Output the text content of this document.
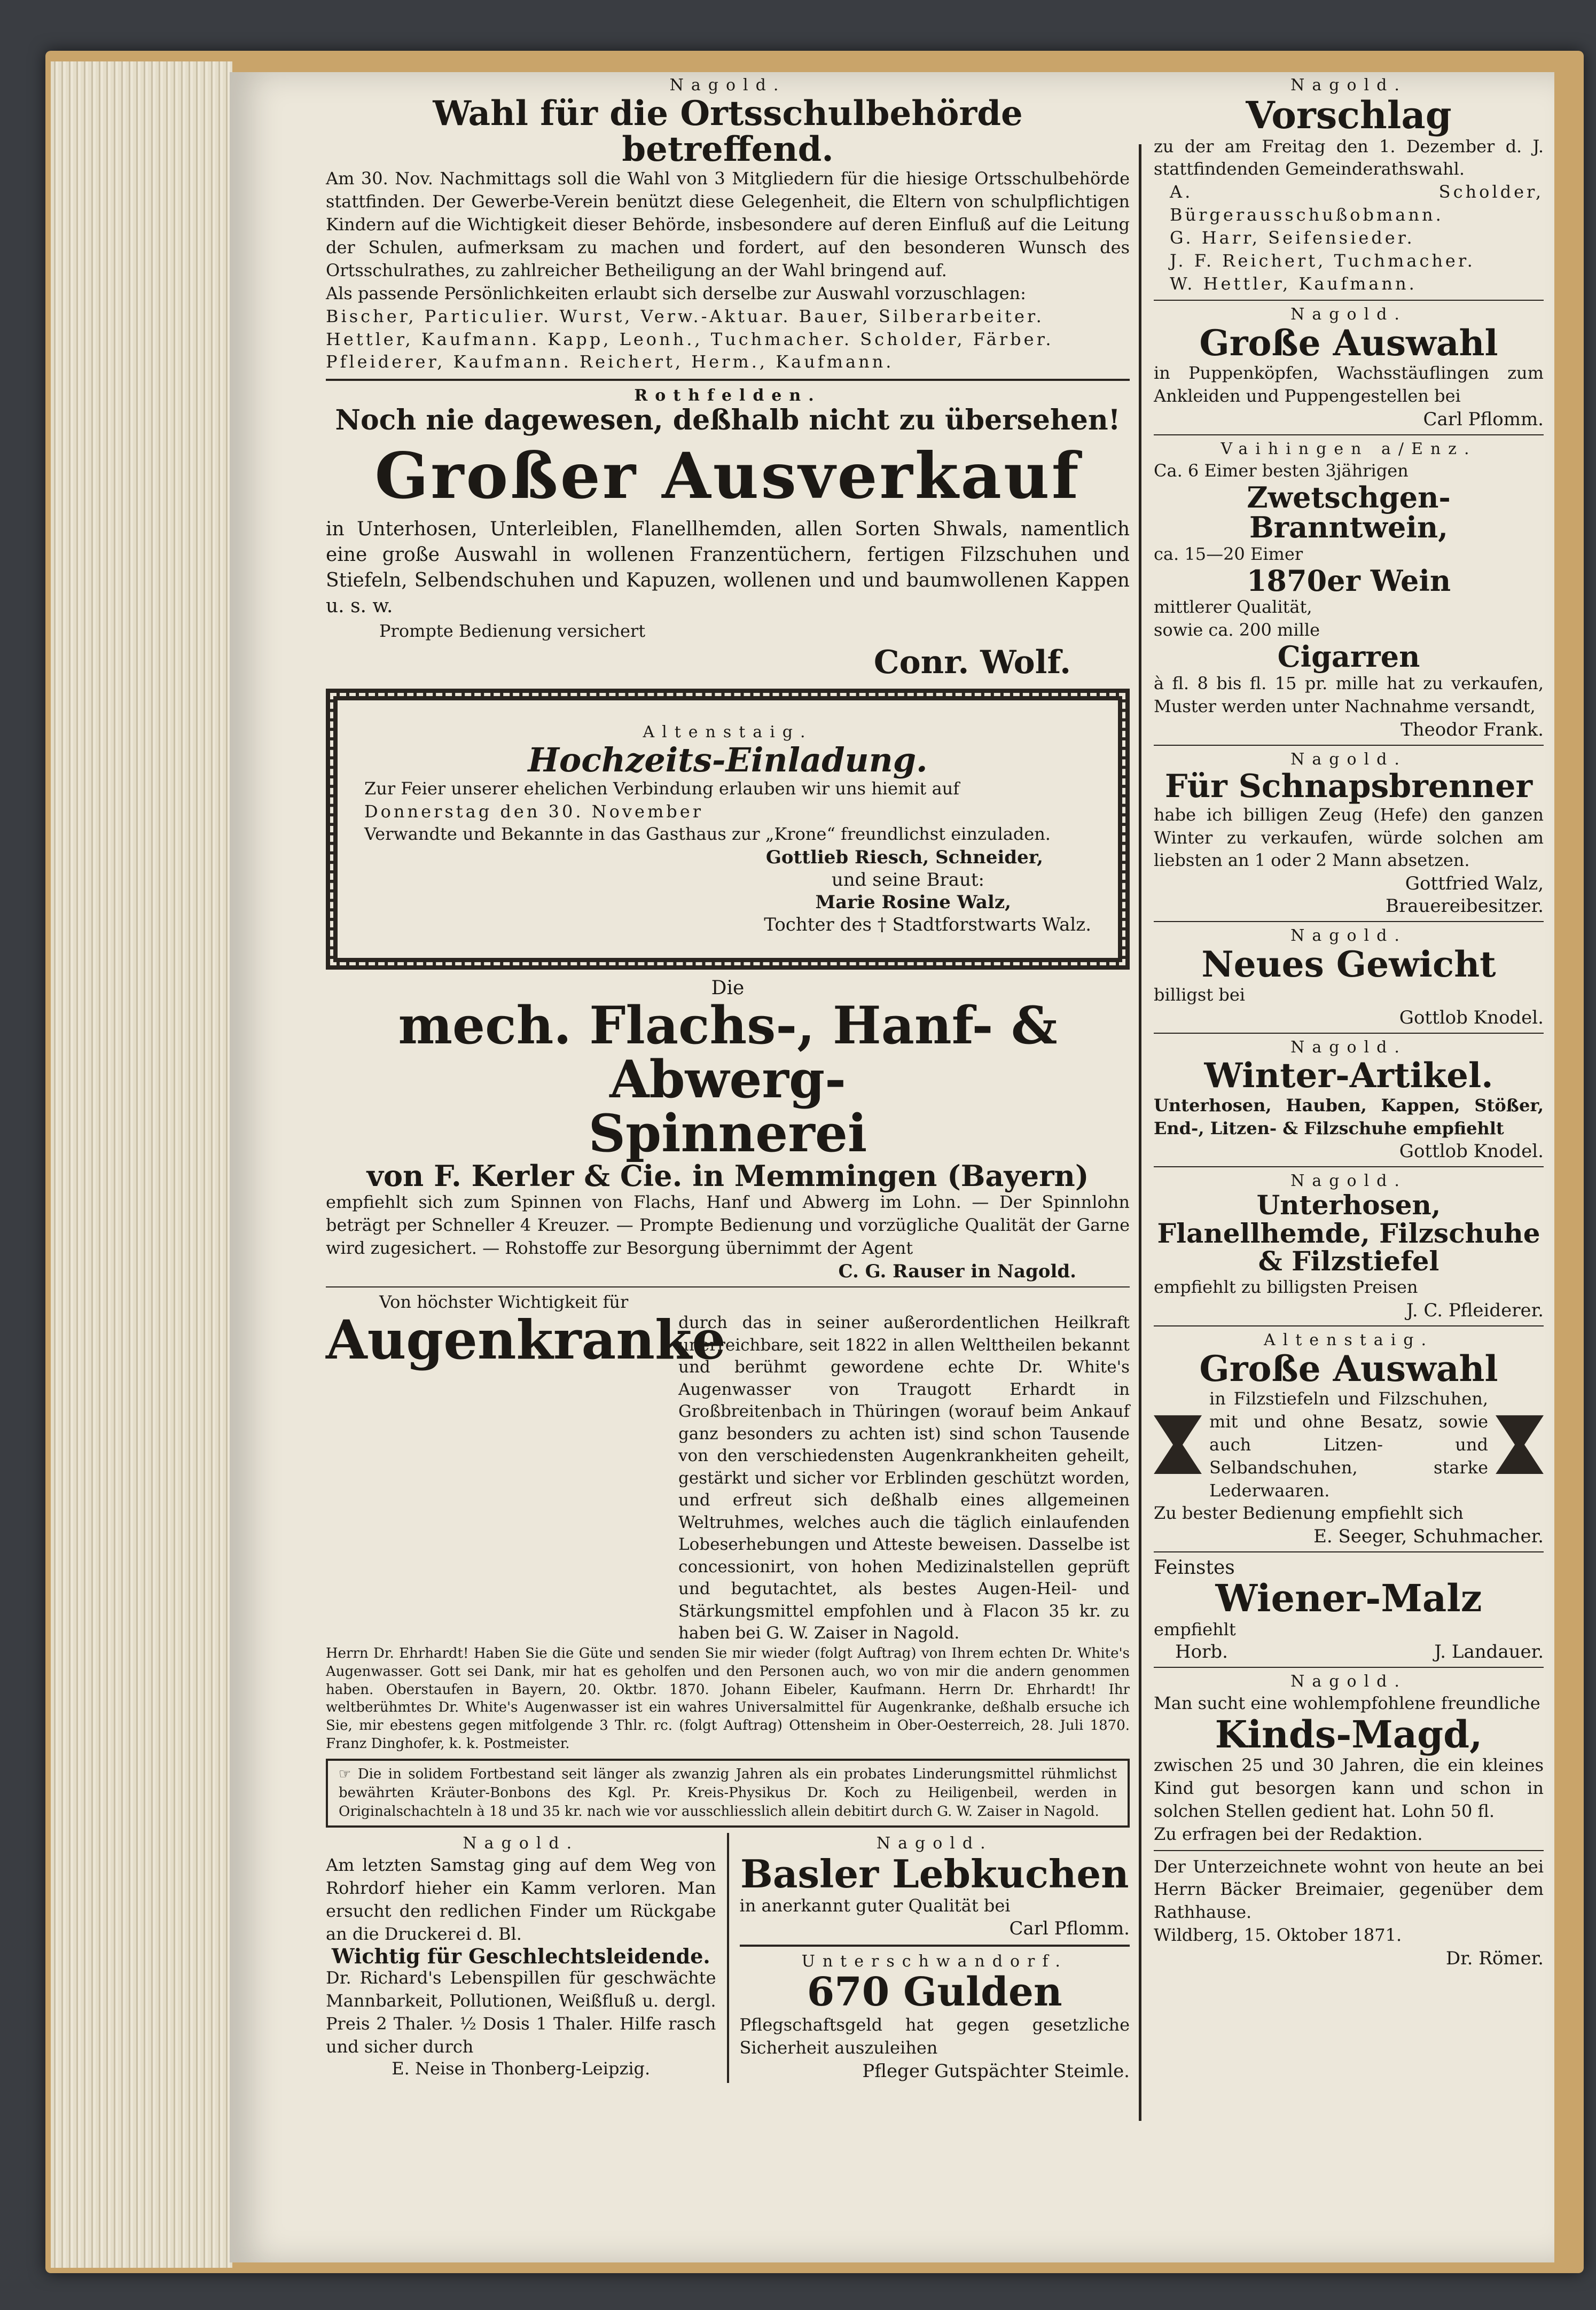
Nagold.
Wahl für die Ortsschulbehörde betreffend.

Am 30. Nov. Nachmittags soll die Wahl von 3 Mitgliedern für die hiesige Ortsschulbehörde stattfinden. Der Gewerbe-Verein benützt diese Gelegenheit, die Eltern von schulpflichtigen Kindern auf die Wichtigkeit dieser Behörde, insbesondere auf deren Einfluß auf die Leitung der Schulen, aufmerksam zu machen und fordert, auf den besonderen Wunsch des Ortsschulrathes, zu zahlreicher Betheiligung an der Wahl bringend auf.

Als passende Persönlichkeiten erlaubt sich derselbe zur Auswahl vorzuschlagen:

Bischer, Particulier. Wurst, Verw.-Aktuar. Bauer, Silberarbeiter.

Hettler, Kaufmann. Kapp, Leonh., Tuchmacher. Scholder, Färber.

Pfleiderer, Kaufmann. Reichert, Herm., Kaufmann.

Rothfelden.
Noch nie dagewesen, deßhalb nicht zu übersehen!
Großer Ausverkauf

in Unterhosen, Unterleiblen, Flanellhemden, allen Sorten Shwals, namentlich eine große Auswahl in wollenen Franzentüchern, fertigen Filzschuhen und Stiefeln, Selbendschuhen und Kapuzen, wollenen und und baumwollenen Kappen u. s. w.

Prompte Bedienung versichert

Conr. Wolf.
Altenstaig.
Hochzeits-Einladung.

Zur Feier unserer ehelichen Verbindung erlauben wir uns hiemit auf

Donnerstag den 30. November

Verwandte und Bekannte in das Gasthaus zur „Krone“ freundlichst einzuladen.

Gottlieb Riesch, Schneider,
und seine Braut:
Marie Rosine Walz,
Tochter des † Stadtforstwarts Walz.
Die
mech. Flachs-, Hanf- & Abwerg-
Spinnerei
von F. Kerler & Cie. in Memmingen (Bayern)

empfiehlt sich zum Spinnen von Flachs, Hanf und Abwerg im Lohn. — Der Spinnlohn beträgt per Schneller 4 Kreuzer. — Prompte Bedienung und vorzügliche Qualität der Garne wird zugesichert. — Rohstoffe zur Besorgung übernimmt der Agent

C. G. Rauser in Nagold.
Von höchster Wichtigkeit für
Augenkranke

durch das in seiner außerordentlichen Heilkraft unerreichbare, seit 1822 in allen Welttheilen bekannt und berühmt gewordene echte Dr. White's Augenwasser von Traugott Erhardt in Großbreitenbach in Thüringen (worauf beim Ankauf ganz besonders zu achten ist) sind schon Tausende von den verschiedensten Augenkrankheiten geheilt, gestärkt und sicher vor Erblinden geschützt worden, und erfreut sich deßhalb eines allgemeinen Weltruhmes, welches auch die täglich einlaufenden Lobeserhebungen und Atteste beweisen. Dasselbe ist concessionirt, von hohen Medizinalstellen geprüft und begutachtet, als bestes Augen-Heil- und Stärkungsmittel empfohlen und à Flacon 35 kr. zu haben bei G. W. Zaiser in Nagold.

Herrn Dr. Ehrhardt! Haben Sie die Güte und senden Sie mir wieder (folgt Auftrag) von Ihrem echten Dr. White's Augenwasser. Gott sei Dank, mir hat es geholfen und den Personen auch, wo von mir die andern genommen haben. Oberstaufen in Bayern, 20. Oktbr. 1870. Johann Eibeler, Kaufmann. Herrn Dr. Ehrhardt! Ihr weltberühmtes Dr. White's Augenwasser ist ein wahres Universalmittel für Augenkranke, deßhalb ersuche ich Sie, mir ebestens gegen mitfolgende 3 Thlr. rc. (folgt Auftrag) Ottensheim in Ober-Oesterreich, 28. Juli 1870. Franz Dinghofer, k. k. Postmeister.

☞ Die in solidem Fortbestand seit länger als zwanzig Jahren als ein probates Linderungsmittel rühmlichst bewährten Kräuter-Bonbons des Kgl. Pr. Kreis-Physikus Dr. Koch zu Heiligenbeil, werden in Originalschachteln à 18 und 35 kr. nach wie vor ausschliesslich allein debitirt durch G. W. Zaiser in Nagold.
Nagold.

Am letzten Samstag ging auf dem Weg von Rohrdorf hieher ein Kamm verloren. Man ersucht den redlichen Finder um Rückgabe an die Druckerei d. Bl.

Wichtig für Geschlechtsleidende.

Dr. Richard's Lebenspillen für geschwächte Mannbarkeit, Pollutionen, Weißfluß u. dergl. Preis 2 Thaler. ½ Dosis 1 Thaler. Hilfe rasch und sicher durch

E. Neise in Thonberg-Leipzig.
Nagold.
Basler Lebkuchen

in anerkannt guter Qualität bei

Carl Pflomm.
Unterschwandorf.
670 Gulden

Pflegschaftsgeld hat gegen gesetzliche Sicherheit auszuleihen

Pfleger Gutspächter Steimle.
Nagold.
Vorschlag

zu der am Freitag den 1. Dezember d. J. stattfindenden Gemeinderathswahl.

A. Scholder, Bürgerausschußobmann.

G. Harr, Seifensieder.

J. F. Reichert, Tuchmacher.

W. Hettler, Kaufmann.

Nagold.
Große Auswahl

in Puppenköpfen, Wachsstäuflingen zum Ankleiden und Puppengestellen bei

Carl Pflomm.
Vaihingen a/Enz.

Ca. 6 Eimer besten 3jährigen

Zwetschgen-Branntwein,

ca. 15—20 Eimer

1870er Wein

mittlerer Qualität,

sowie ca. 200 mille

Cigarren

à fl. 8 bis fl. 15 pr. mille hat zu verkaufen, Muster werden unter Nachnahme versandt,

Theodor Frank.
Nagold.
Für Schnapsbrenner

habe ich billigen Zeug (Hefe) den ganzen Winter zu verkaufen, würde solchen am liebsten an 1 oder 2 Mann absetzen.

Gottfried Walz,
Brauereibesitzer.
Nagold.
Neues Gewicht

billigst bei

Gottlob Knodel.
Nagold.
Winter-Artikel.

Unterhosen, Hauben, Kappen, Stößer, End-, Litzen- & Filzschuhe empfiehlt

Gottlob Knodel.
Nagold.
Unterhosen, Flanellhemde, Filzschuhe & Filzstiefel

empfiehlt zu billigsten Preisen

J. C. Pfleiderer.
Altenstaig.
Große Auswahl

in Filzstiefeln und Filzschuhen, mit und ohne Besatz, sowie auch Litzen- und Selbandschuhen, starke Lederwaaren.

Zu bester Bedienung empfiehlt sich

E. Seeger, Schuhmacher.
Feinstes
Wiener-Malz

empfiehlt

Horb.	J. Landauer.
Nagold.

Man sucht eine wohlempfohlene freundliche

Kinds-Magd,

zwischen 25 und 30 Jahren, die ein kleines Kind gut besorgen kann und schon in solchen Stellen gedient hat. Lohn 50 fl.

Zu erfragen bei der Redaktion.

Der Unterzeichnete wohnt von heute an bei Herrn Bäcker Breimaier, gegenüber dem Rathhause.

Wildberg, 15. Oktober 1871.

Dr. Römer.
